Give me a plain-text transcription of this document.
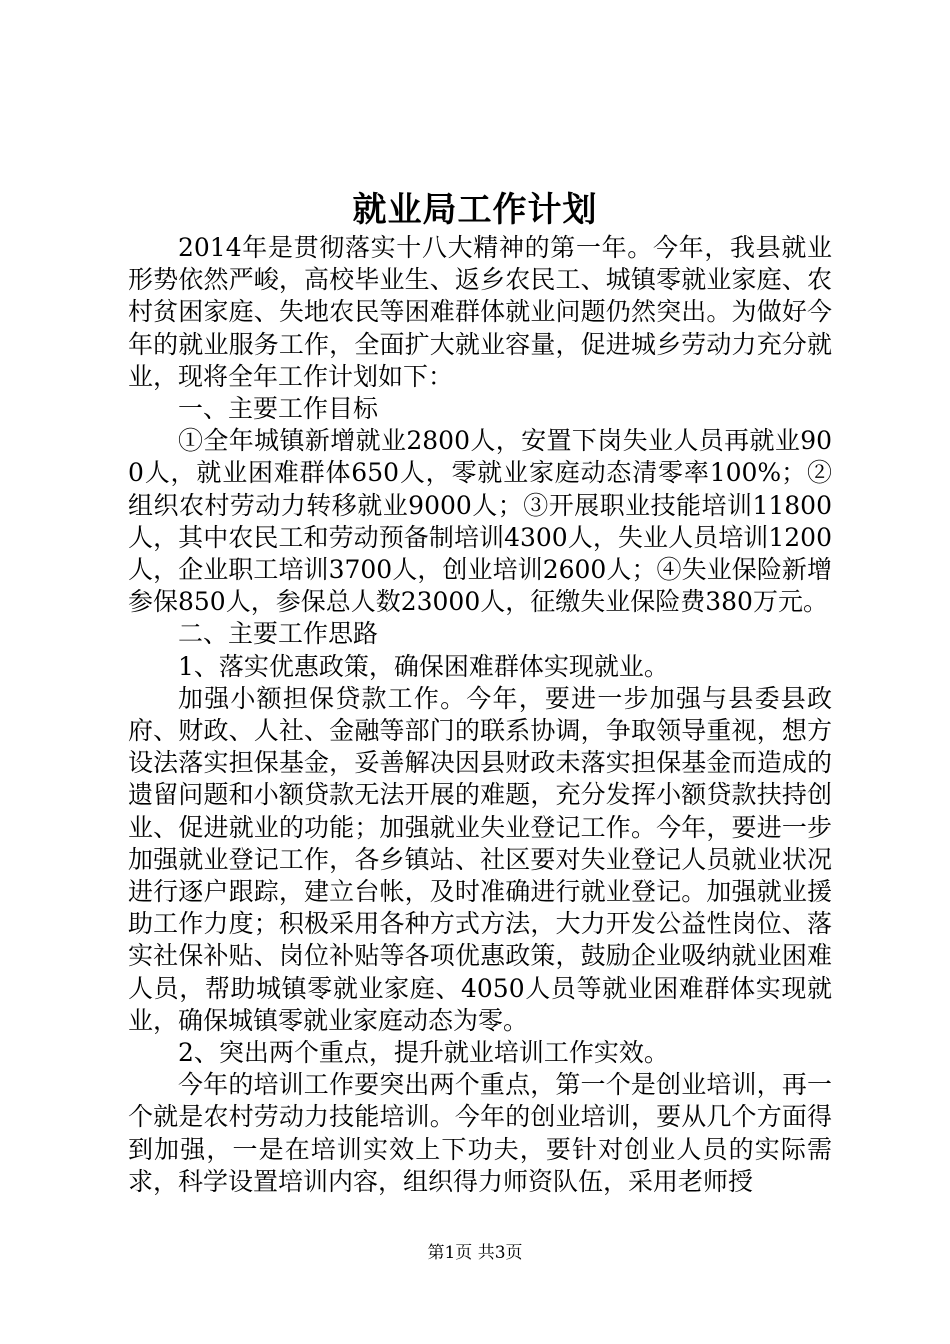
就业局工作计划

2014年是贯彻落实十八大精神的第一年。今年，我县就业形势依然严峻，高校毕业生、返乡农民工、城镇零就业家庭、农村贫困家庭、失地农民等困难群体就业问题仍然突出。为做好今年的就业服务工作，全面扩大就业容量，促进城乡劳动力充分就业，现将全年工作计划如下：

一、主要工作目标

①全年城镇新增就业2800人，安置下岗失业人员再就业900人，就业困难群体650人，零就业家庭动态清零率100%；②组织农村劳动力转移就业9000人；③开展职业技能培训11800人，其中农民工和劳动预备制培训4300人，失业人员培训1200人，企业职工培训3700人，创业培训2600人；④失业保险新增参保850人，参保总人数23000人，征缴失业保险费380万元。

二、主要工作思路

1、落实优惠政策，确保困难群体实现就业。

加强小额担保贷款工作。今年，要进一步加强与县委县政府、财政、人社、金融等部门的联系协调，争取领导重视，想方设法落实担保基金，妥善解决因县财政未落实担保基金而造成的遗留问题和小额贷款无法开展的难题，充分发挥小额贷款扶持创业、促进就业的功能；加强就业失业登记工作。今年，要进一步加强就业登记工作，各乡镇站、社区要对失业登记人员就业状况进行逐户跟踪，建立台帐，及时准确进行就业登记。加强就业援助工作力度；积极采用各种方式方法，大力开发公益性岗位、落实社保补贴、岗位补贴等各项优惠政策，鼓励企业吸纳就业困难人员，帮助城镇零就业家庭、4050人员等就业困难群体实现就业，确保城镇零就业家庭动态为零。

2、突出两个重点，提升就业培训工作实效。

今年的培训工作要突出两个重点，第一个是创业培训，再一个就是农村劳动力技能培训。今年的创业培训，要从几个方面得到加强，一是在培训实效上下功夫，要针对创业人员的实际需求，科学设置培训内容，组织得力师资队伍，采用老师授

第1页 共3页
